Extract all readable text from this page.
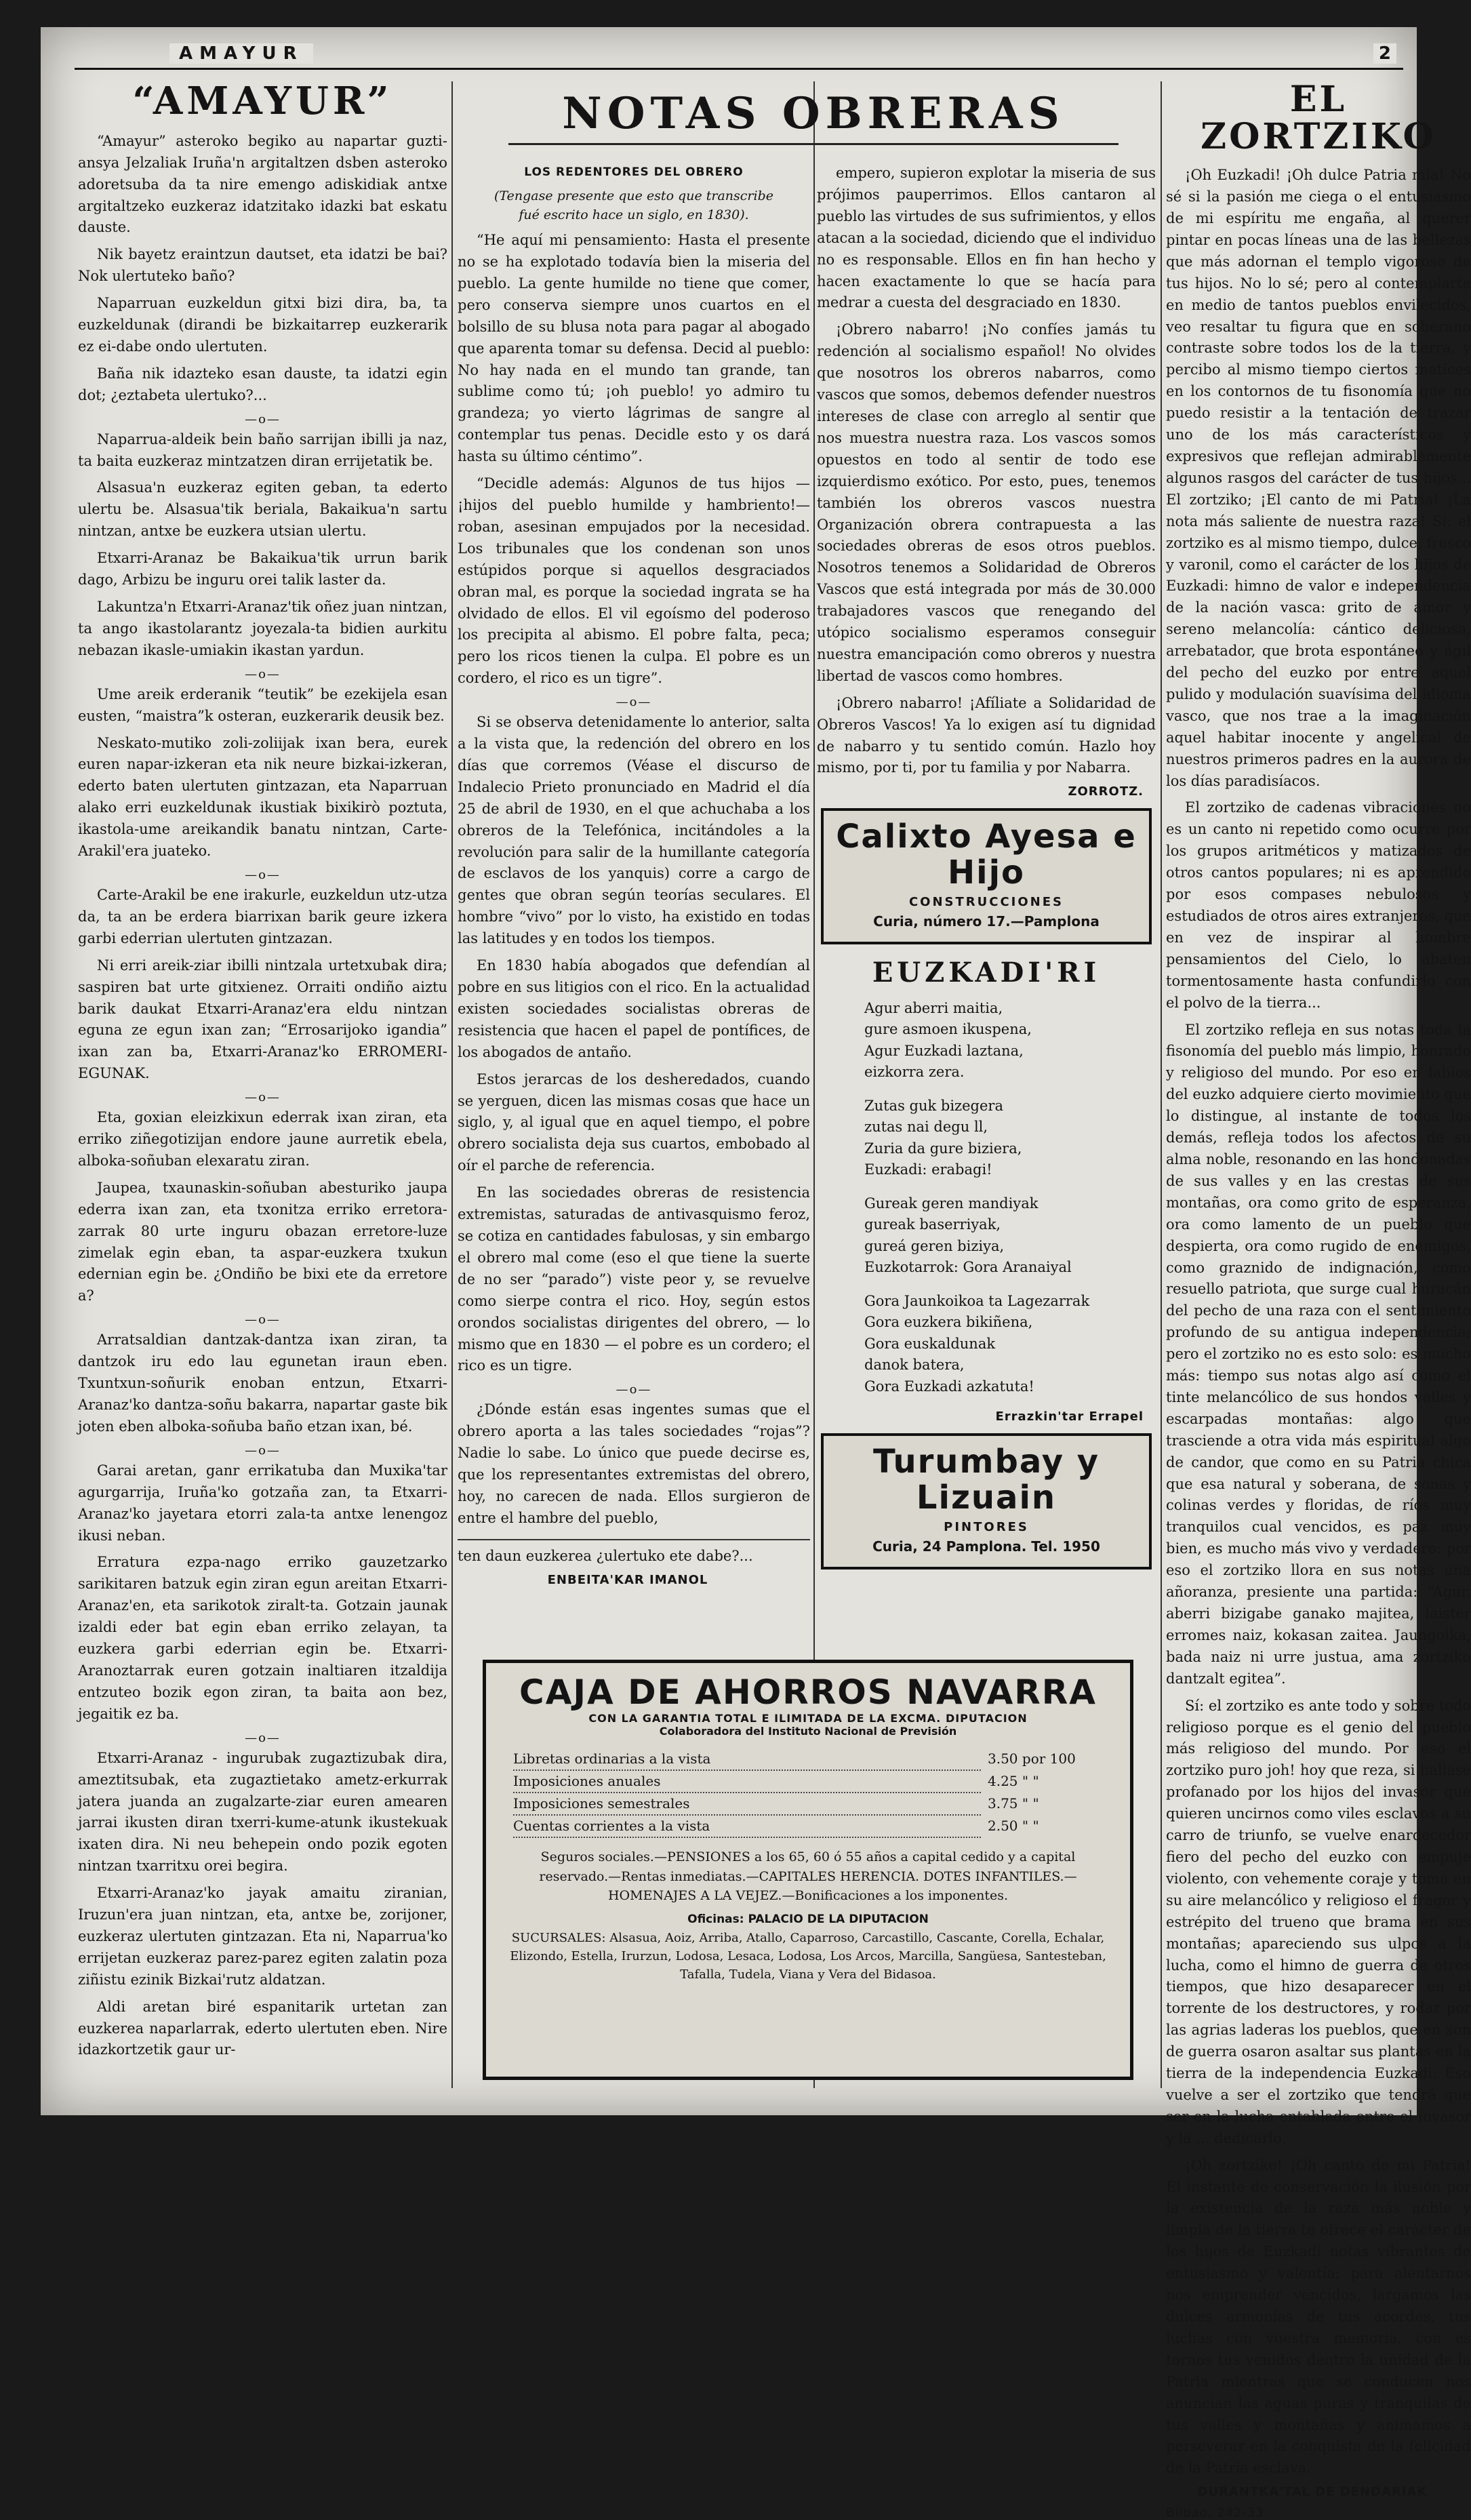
AMAYUR	2
NOTAS OBRERAS
“AMAYUR”

“Amayur” asteroko begiko au napartar guzti-ansya Jelzaliak Iruña'n argitaltzen dsben asteroko adoretsuba da ta nire emengo adiskidiak antxe argitaltzeko euzkeraz idatzitako idazki bat eskatu dauste.

Nik bayetz eraintzun dautset, eta idatzi be bai? Nok ulertuteko baño?

Naparruan euzkeldun gitxi bizi dira, ba, ta euzkeldunak (dirandi be bizkaitarrep euzkerarik ez ei-dabe ondo ulertuten.

Baña nik idazteko esan dauste, ta idatzi egin dot; ¿eztabeta ulertuko?...

—o—

Naparrua-aldeik bein baño sarrijan ibilli ja naz, ta baita euzkeraz mintzatzen diran errijetatik be.

Alsasua'n euzkeraz egiten geban, ta ederto ulertu be. Alsasua'tik beriala, Bakaikua'n sartu nintzan, antxe be euzkera utsian ulertu.

Etxarri-Aranaz be Bakaikua'tik urrun barik dago, Arbizu be inguru orei talik laster da.

Lakuntza'n Etxarri-Aranaz'tik oñez juan nintzan, ta ango ikastolarantz joyezala-ta bidien aurkitu nebazan ikasle-umiakin ikastan yardun.

—o—

Ume areik erderanik “teutik” be ezekijela esan eusten, “maistra”k osteran, euzkerarik deusik bez.

Neskato-mutiko zoli-zoliijak ixan bera, eurek euren napar-izkeran eta nik neure bizkai-izkeran, ederto baten ulertuten gintzazan, eta Naparruan alako erri euzkeldunak ikustiak bixikirò poztuta, ikastola-ume areikandik banatu nintzan, Carte-Arakil'era juateko.

—o—

Carte-Arakil be ene irakurle, euzkeldun utz-utza da, ta an be erdera biarrixan barik geure izkera garbi ederrian ulertuten gintzazan.

Ni erri areik-ziar ibilli nintzala urtetxubak dira; saspiren bat urte gitxienez. Orraiti ondiño aiztu barik daukat Etxarri-Aranaz'era eldu nintzan eguna ze egun ixan zan; “Errosarijoko igandia” ixan zan ba, Etxarri-Aranaz'ko ERROMERI-EGUNAK.

—o—

Eta, goxian eleizkixun ederrak ixan ziran, eta erriko ziñegotizijan endore jaune aurretik ebela, alboka-soñuban elexaratu ziran.

Jaupea, txaunaskin-soñuban abesturiko jaupa ederra ixan zan, eta txonitza erriko erretora-zarrak 80 urte inguru obazan erretore-luze zimelak egin eban, ta aspar-euzkera txukun edernian egin be. ¿Ondiño be bixi ete da erretore a?

—o—

Arratsaldian dantzak-dantza ixan ziran, ta dantzok iru edo lau egunetan iraun eben. Txuntxun-soñurik enoban entzun, Etxarri-Aranaz'ko dantza-soñu bakarra, napartar gaste bik joten eben alboka-soñuba baño etzan ixan, bé.

—o—

Garai aretan, ganr errikatuba dan Muxika'tar agurgarrija, Iruña'ko gotzaña zan, ta Etxarri-Aranaz'ko jayetara etorri zala-ta antxe lenengoz ikusi neban.

Erratura ezpa-nago erriko gauzetzarko sarikitaren batzuk egin ziran egun areitan Etxarri-Aranaz'en, eta sarikotok ziralt-ta. Gotzain jaunak izaldi eder bat egin eban erriko zelayan, ta euzkera garbi ederrian egin be. Etxarri-Aranoztarrak euren gotzain inaltiaren itzaldija entzuteo bozik egon ziran, ta baita aon bez, jegaitik ez ba.

—o—

Etxarri-Aranaz - ingurubak zugaztizubak dira, ameztitsubak, eta zugaztietako ametz-erkurrak jatera juanda an zugalzarte-ziar euren amearen jarrai ikusten diran txerri-kume-atunk ikustekuak ixaten dira. Ni neu behepein ondo pozik egoten nintzan txarritxu orei begira.

Etxarri-Aranaz'ko jayak amaitu ziranian, Iruzun'era juan nintzan, eta, antxe be, zorijoner, euzkeraz ulertuten gintzazan. Eta ni, Naparrua'ko errijetan euzkeraz parez-parez egiten zalatin poza ziñistu ezinik Bizkai'rutz aldatzan.

Aldi aretan biré espanitarik urtetan zan euzkerea naparlarrak, ederto ulertuten eben. Nire idazkortzetik gaur ur-

LOS REDENTORES DEL OBRERO
(Tengase presente que esto que transcribe fué escrito hace un siglo, en 1830).

“He aquí mi pensamiento: Hasta el presente no se ha explotado todavía bien la miseria del pueblo. La gente humilde no tiene que comer, pero conserva siempre unos cuartos en el bolsillo de su blusa nota para pagar al abogado que aparenta tomar su defensa. Decid al pueblo: No hay nada en el mundo tan grande, tan sublime como tú; ¡oh pueblo! yo admiro tu grandeza; yo vierto lágrimas de sangre al contemplar tus penas. Decidle esto y os dará hasta su último céntimo”.

“Decidle además: Algunos de tus hijos —¡hijos del pueblo humilde y hambriento!— roban, asesinan empujados por la necesidad. Los tribunales que los condenan son unos estúpidos porque si aquellos desgraciados obran mal, es porque la sociedad ingrata se ha olvidado de ellos. El vil egoísmo del poderoso los precipita al abismo. El pobre falta, peca; pero los ricos tienen la culpa. El pobre es un cordero, el rico es un tigre”.

—o—

Si se observa detenidamente lo anterior, salta a la vista que, la redención del obrero en los días que corremos (Véase el discurso de Indalecio Prieto pronunciado en Madrid el día 25 de abril de 1930, en el que achuchaba a los obreros de la Telefónica, incitándoles a la revolución para salir de la humillante categoría de esclavos de los yanquis) corre a cargo de gentes que obran según teorías seculares. El hombre “vivo” por lo visto, ha existido en todas las latitudes y en todos los tiempos.

En 1830 había abogados que defendían al pobre en sus litigios con el rico. En la actualidad existen sociedades socialistas obreras de resistencia que hacen el papel de pontífices, de los abogados de antaño.

Estos jerarcas de los desheredados, cuando se yerguen, dicen las mismas cosas que hace un siglo, y, al igual que en aquel tiempo, el pobre obrero socialista deja sus cuartos, embobado al oír el parche de referencia.

En las sociedades obreras de resistencia extremistas, saturadas de antivasquismo feroz, se cotiza en cantidades fabulosas, y sin embargo el obrero mal come (eso el que tiene la suerte de no ser “parado”) viste peor y, se revuelve como sierpe contra el rico. Hoy, según estos orondos socialistas dirigentes del obrero, — lo mismo que en 1830 — el pobre es un cordero; el rico es un tigre.

—o—

¿Dónde están esas ingentes sumas que el obrero aporta a las tales sociedades “rojas”? Nadie lo sabe. Lo único que puede decirse es, que los representantes extremistas del obrero, hoy, no carecen de nada. Ellos surgieron de entre el hambre del pueblo,

ten daun euzkerea ¿ulertuko ete dabe?...

ENBEITA'KAR IMANOL

empero, supieron explotar la miseria de sus prójimos pauperrimos. Ellos cantaron al pueblo las virtudes de sus sufrimientos, y ellos atacan a la sociedad, diciendo que el individuo no es responsable. Ellos en fin han hecho y hacen exactamente lo que se hacía para medrar a cuesta del desgraciado en 1830.

¡Obrero nabarro! ¡No confíes jamás tu redención al socialismo español! No olvides que nosotros los obreros nabarros, como vascos que somos, debemos defender nuestros intereses de clase con arreglo al sentir que nos muestra nuestra raza. Los vascos somos opuestos en todo al sentir de todo ese izquierdismo exótico. Por esto, pues, tenemos también los obreros vascos nuestra Organización obrera contrapuesta a las sociedades obreras de esos otros pueblos. Nosotros tenemos a Solidaridad de Obreros Vascos que está integrada por más de 30.000 trabajadores vascos que renegando del utópico socialismo esperamos conseguir nuestra emancipación como obreros y nuestra libertad de vascos como hombres.

¡Obrero nabarro! ¡Afíliate a Solidaridad de Obreros Vascos! Ya lo exigen así tu dignidad de nabarro y tu sentido común. Hazlo hoy mismo, por ti, por tu familia y por Nabarra.

ZORROTZ.
Calixto Ayesa e Hijo
CONSTRUCCIONES
Curia, número 17.—Pamplona
EUZKADI'RI
Agur aberri maitia,
gure asmoen ikuspena,
Agur Euzkadi laztana,
eizkorra zera.
Zutas guk bizegera
zutas nai degu ll,
Zuria da gure biziera,
Euzkadi: erabagi!
Gureak geren mandiyak
gureak baserriyak,
gureá geren biziya,
Euzkotarrok: Gora Aranaiyal
Gora Jaunkoikoa ta Lagezarrak
Gora euzkera bikiñena,
Gora euskaldunak
danok batera,
Gora Euzkadi azkatuta!
Errazkin'tar Errapel
Turumbay y Lizuain
PINTORES
Curia, 24 Pamplona. Tel. 1950
EL ZORTZIKO

¡Oh Euzkadi! ¡Oh dulce Patria mía! No sé si la pasión me ciega o el entusiasmo de mi espíritu me engaña, al querer pintar en pocas líneas una de las bellezas que más adornan el templo vigoroso de tus hijos. No lo sé; pero al contemplarte en medio de tantos pueblos envilecidos, veo resaltar tu figura que en soberano contraste sobre todos los de la tierra, y percibo al mismo tiempo ciertos matices en los contornos de tu fisonomía que no puedo resistir a la tentación de trazar uno de los más característicos y expresivos que reflejan admirablemente algunos rasgos del carácter de tus hijos... El zortziko; ¡El canto de mi Patria! ¡La nota más saliente de nuestra raza! Sí: el zortziko es al mismo tiempo, dulce, fresco y varonil, como el carácter de los hijos de Euzkadi: himno de valor e independencia de la nación vasca: grito de amor y sereno melancolía: cántico deliciosa, arrebatador, que brota espontáneo y ágil del pecho del euzko por entre aquel pulido y modulación suavísima del idioma vasco, que nos trae a la imaginación aquel habitar inocente y angelical de nuestros primeros padres en la aurora de los días paradisíacos.

El zortziko de cadenas vibraciones no es un canto ni repetido como ocurre por los grupos aritméticos y matizados de otros cantos populares; ni es aprendido por esos compases nebulosos y estudiados de otros aires extranjeros, que en vez de inspirar al hombre pensamientos del Cielo, lo abaten tormentosamente hasta confundirlo con el polvo de la tierra...

El zortziko refleja en sus notas toda la fisonomía del pueblo más limpio, honrado y religioso del mundo. Por eso en labios del euzko adquiere cierto movimiento que lo distingue, al instante de todos los demás, refleja todos los afectos de su alma noble, resonando en las hondonadas de sus valles y en las crestas de sus montañas, ora como grito de esperanza, ora como lamento de un pueblo que despierta, ora como rugido de enemigos, como graznido de indignación, como resuello patriota, que surge cual huracán del pecho de una raza con el sentimiento profundo de su antigua independencia; pero el zortziko no es esto solo: es mucho más: tiempo sus notas algo así como el tinte melancólico de sus hondos valles y escarpadas montañas: algo que trasciende a otra vida más espiritual algo de candor, que como en su Patria chica que esa natural y soberana, de sonas y colinas verdes y floridas, de ríos muy tranquilos cual vencidos, es paz muy bien, es mucho más vivo y verdadero: por eso el zortziko llora en sus notas una añoranza, presiente una partida: “Agur, aberri bizigabe ganako majitea, laister erromes naiz, kokasan zaitea. Jaungoika, bada naiz ni urre justua, ama zortziko dantzalt egitea”.

Sí: el zortziko es ante todo y sobre todo religioso porque es el genio del pueblo más religioso del mundo. Por eso el zortziko puro joh! hoy que reza, si hallase profanado por los hijos del invasor que quieren uncirnos como viles esclavos a su carro de triunfo, se vuelve enardecedor fiero del pecho del euzko con empuje violento, con vehemente coraje y toma en su aire melancólico y religioso el fragor y estrépito del trueno que brama en sus montañas; apareciendo sus ulpos a la lucha, como el himno de guerra de otros tiempos, que hizo desaparecer en el torrente de los destructores, y rodar por las agrias laderas los pueblos, que en son de guerra osaron asaltar sus plantas en la tierra de la independencia Euzkadi. Eso vuelve a ser el zortziko que tendrá que ser en la lucha entablada entre el invasor y la ... dedicarlo.

¡Oh zortziko! ¡Oh canto de mi Patria! El instante de conservación la ilusión por la existencia de la raza más noble y limpia de la tierra te ofrece el carácter de los hijos de Euzkadi notas vibrantes de entusiasmo y valentía; para alentarnos nos emprender vencidos, largamos las dulces armonías de tus acordes, tus luchas con vuestra memoria, con es tornos tus venidos dentro la unidad de la Patria mientras que se conducen nos anuncian las aguas puras y tranquilas de tus valles y montañas y animamos a perseverar en la conquista de la felicidad de la Patria esclava.

DURANTKA'TAL DE DENDARIAK
Bilbao, 242-33.
CAJA DE AHORROS NAVARRA
CON LA GARANTIA TOTAL E ILIMITADA DE LA EXCMA. DIPUTACION
Colaboradora del Instituto Nacional de Previsión
Libretas ordinarias a la vista	3.50 por 100
Imposiciones anuales	4.25 " "
Imposiciones semestrales	3.75 " "
Cuentas corrientes a la vista	2.50 " "
Seguros sociales.—PENSIONES a los 65, 60 ó 55 años a capital cedido y a capital reservado.—Rentas inmediatas.—CAPITALES HERENCIA. DOTES INFANTILES.—HOMENAJES A LA VEJEZ.—Bonificaciones a los imponentes.
Oficinas: PALACIO DE LA DIPUTACION
SUCURSALES: Alsasua, Aoiz, Arriba, Atallo, Caparroso, Carcastillo, Cascante, Corella, Echalar, Elizondo, Estella, Irurzun, Lodosa, Lesaca, Lodosa, Los Arcos, Marcilla, Sangüesa, Santesteban, Tafalla, Tudela, Viana y Vera del Bidasoa.
